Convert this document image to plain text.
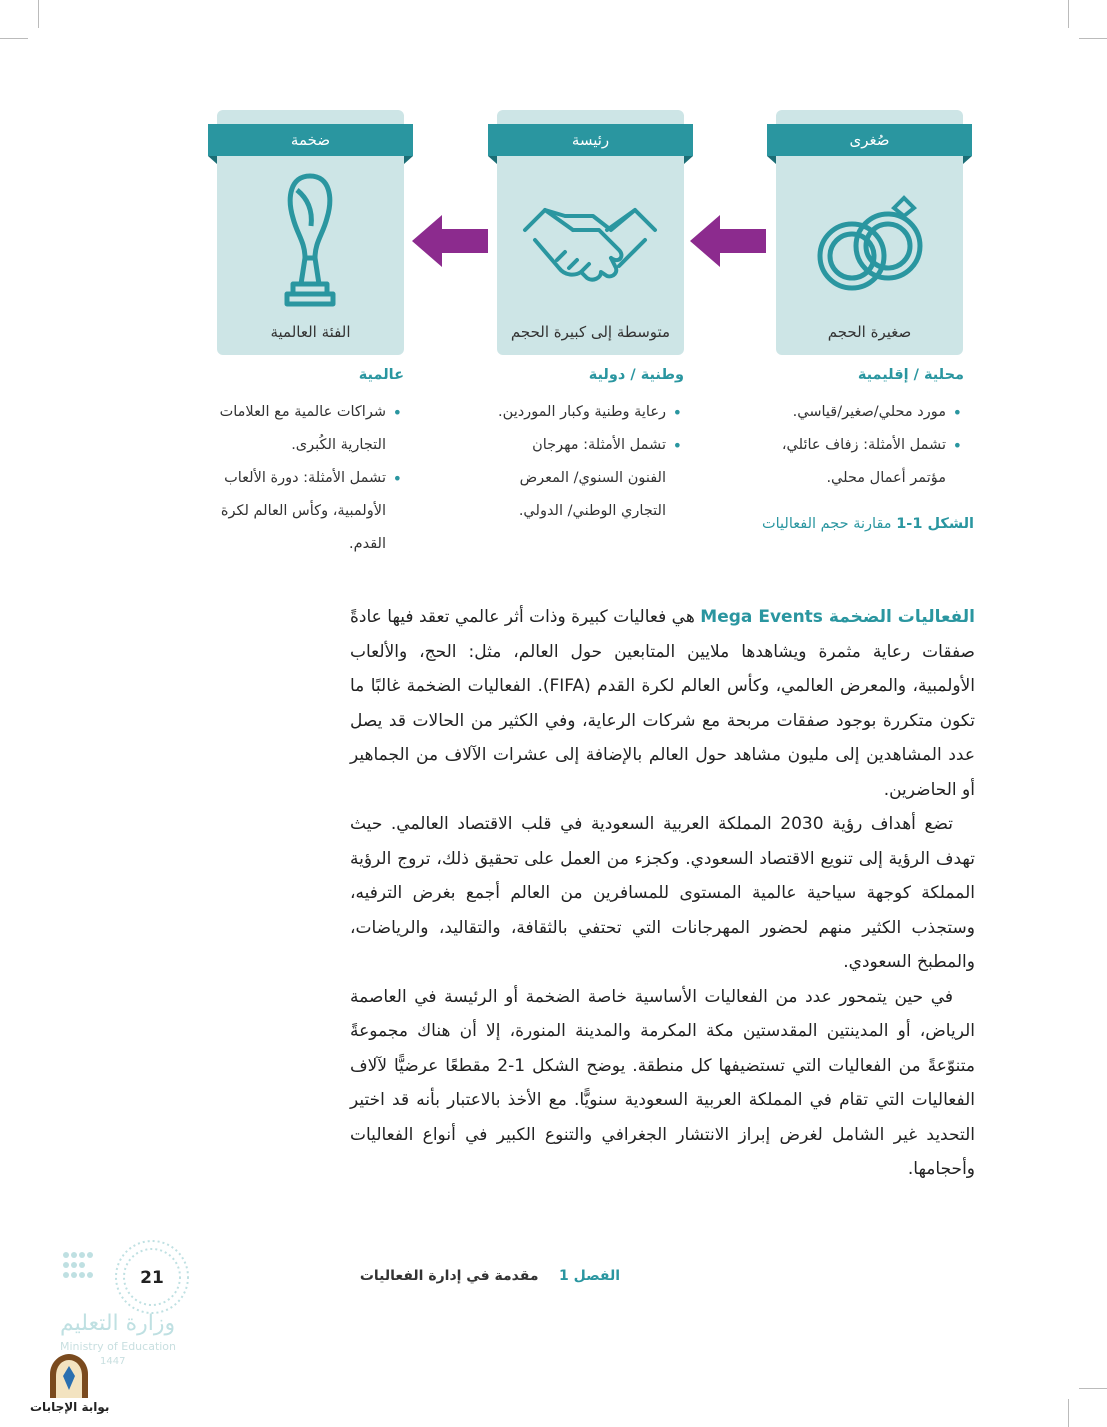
صُغرى
صغيرة الحجم
رئيسة
متوسطة إلى كبيرة الحجم
ضخمة
الفئة العالمية
محلية / إقليمية
• مورد محلي/صغير/قياسي.
• تشمل الأمثلة: زفاف عائلي، مؤتمر أعمال محلي.
وطنية / دولية
• رعاية وطنية وكبار الموردين.
• تشمل الأمثلة: مهرجان الفنون السنوي/ المعرض التجاري الوطني/ الدولي.
عالمية
• شراكات عالمية مع العلامات التجارية الكُبرى.
• تشمل الأمثلة: دورة الألعاب الأولمبية، وكأس العالم لكرة القدم.
الشكل 1-1 مقارنة حجم الفعاليات

الفعاليات الضخمة Mega Events هي فعاليات كبيرة وذات أثر عالمي تعقد فيها عادةً صفقات رعاية مثمرة ويشاهدها ملايين المتابعين حول العالم، مثل: الحج، والألعاب الأولمبية، والمعرض العالمي، وكأس العالم لكرة القدم (FIFA). الفعاليات الضخمة غالبًا ما تكون متكررة بوجود صفقات مربحة مع شركات الرعاية، وفي الكثير من الحالات قد يصل عدد المشاهدين إلى مليون مشاهد حول العالم بالإضافة إلى عشرات الآلاف من الجماهير أو الحاضرين.

تضع أهداف رؤية 2030 المملكة العربية السعودية في قلب الاقتصاد العالمي. حيث تهدف الرؤية إلى تنويع الاقتصاد السعودي. وكجزء من العمل على تحقيق ذلك، تروج الرؤية المملكة كوجهة سياحية عالمية المستوى للمسافرين من العالم أجمع بغرض الترفيه، وستجذب الكثير منهم لحضور المهرجانات التي تحتفي بالثقافة، والتقاليد، والرياضات، والمطبخ السعودي.

في حين يتمحور عدد من الفعاليات الأساسية خاصة الضخمة أو الرئيسة في العاصمة الرياض، أو المدينتين المقدستين مكة المكرمة والمدينة المنورة، إلا أن هناك مجموعةً متنوّعةً من الفعاليات التي تستضيفها كل منطقة. يوضح الشكل 1-2 مقطعًا عرضيًّا لآلاف الفعاليات التي تقام في المملكة العربية السعودية سنويًّا. مع الأخذ بالاعتبار بأنه قد اختير التحديد غير الشامل لغرض إبراز الانتشار الجغرافي والتنوع الكبير في أنواع الفعاليات وأحجامها.

الفصل 1 مقدمة في إدارة الفعاليات
21
وزارة التعليم
Ministry of Education
1447
بوابة الإجابات
